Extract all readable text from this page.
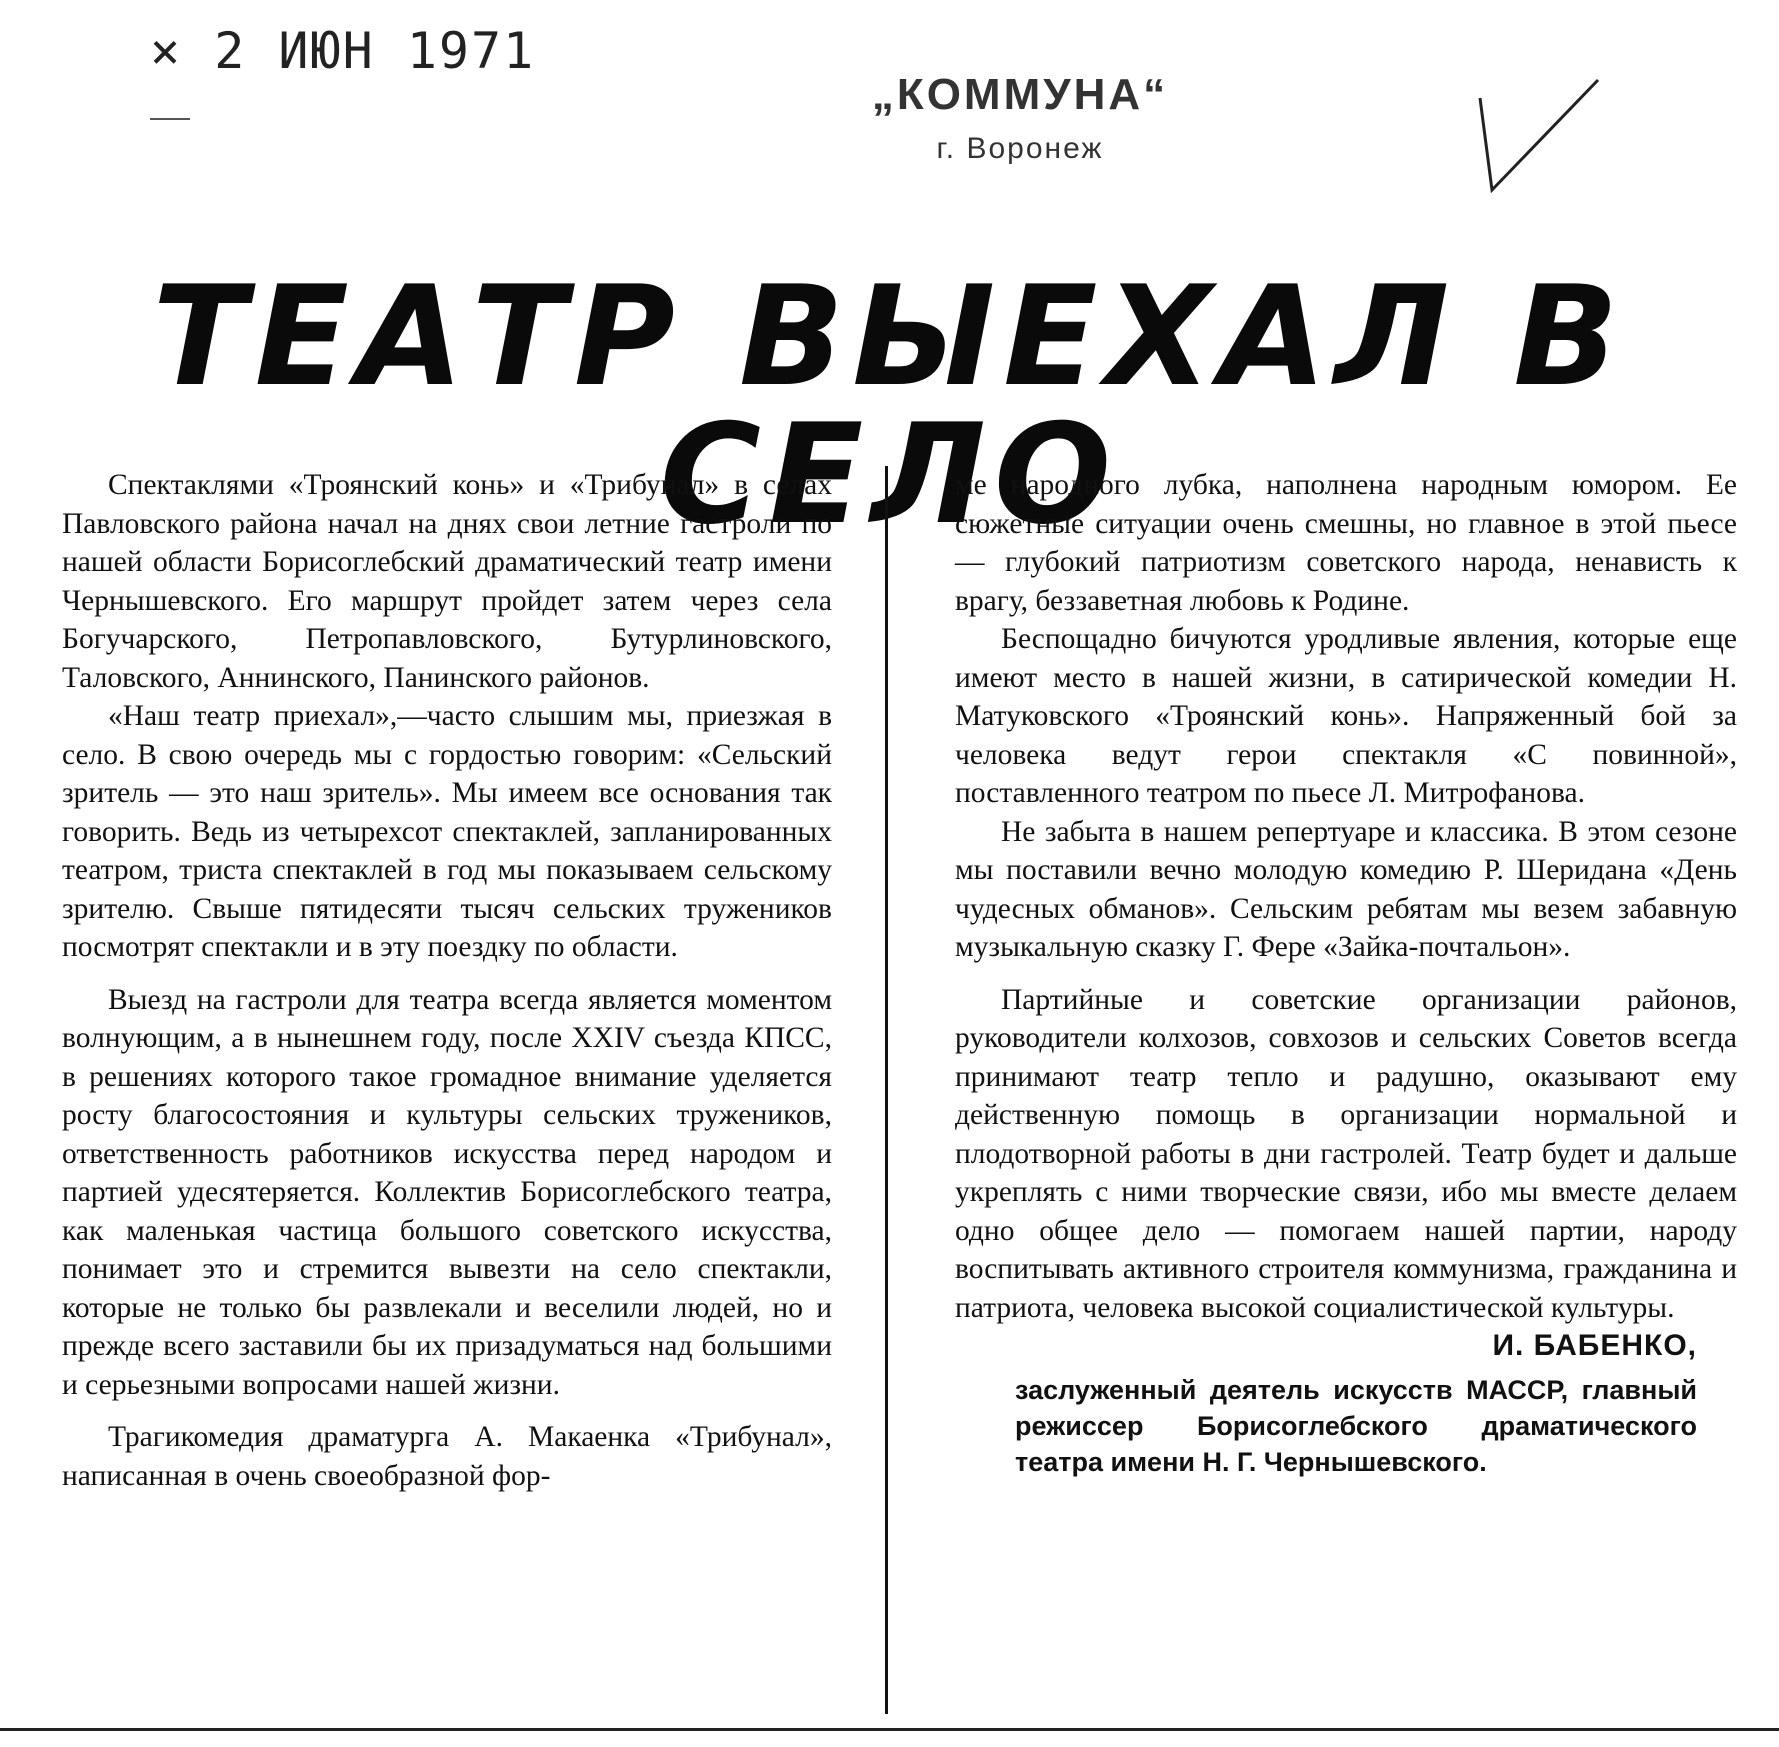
× 2 ИЮН 1971
„КОММУНА“
г. Воронеж
ТЕАТР ВЫЕХАЛ В СЕЛО

Спектаклями «Троянский конь» и «Трибунал» в селах Павловского района начал на днях свои летние гастроли по нашей области Борисоглебский драматический театр имени Чернышевского. Его маршрут пройдет затем через села Богучарского, Петропавловского, Бутурлиновского, Таловского, Аннинского, Панинского районов.

«Наш театр приехал»,—часто слышим мы, приезжая в село. В свою очередь мы с гордостью говорим: «Сельский зритель — это наш зритель». Мы имеем все основания так говорить. Ведь из четырехсот спектаклей, запланированных театром, триста спектаклей в год мы показываем сельскому зрителю. Свыше пятидесяти тысяч сельских тружеников посмотрят спектакли и в эту поездку по области.

Выезд на гастроли для театра всегда является моментом волнующим, а в нынешнем году, после XXIV съезда КПСС, в решениях которого такое громадное внимание уделяется росту благосостояния и культуры сельских тружеников, ответственность работников искусства перед народом и партией удесятеряется. Коллектив Борисоглебского театра, как маленькая частица большого советского искусства, понимает это и стремится вывезти на село спектакли, которые не только бы развлекали и веселили людей, но и прежде всего заставили бы их призадуматься над большими и серьезными вопросами нашей жизни.

Трагикомедия драматурга А. Макаенка «Трибунал», написанная в очень своеобразной фор-

ме народного лубка, наполнена народным юмором. Ее сюжетные ситуации очень смешны, но главное в этой пьесе — глубокий патриотизм советского народа, ненависть к врагу, беззаветная любовь к Родине.

Беспощадно бичуются уродливые явления, которые еще имеют место в нашей жизни, в сатирической комедии Н. Матуковского «Троянский конь». Напряженный бой за человека ведут герои спектакля «С повинной», поставленного театром по пьесе Л. Митрофанова.

Не забыта в нашем репертуаре и классика. В этом сезоне мы поставили вечно молодую комедию Р. Шеридана «День чудесных обманов». Сельским ребятам мы везем забавную музыкальную сказку Г. Фере «Зайка-почтальон».

Партийные и советские организации районов, руководители колхозов, совхозов и сельских Советов всегда принимают театр тепло и радушно, оказывают ему действенную помощь в организации нормальной и плодотворной работы в дни гастролей. Театр будет и дальше укреплять с ними творческие связи, ибо мы вместе делаем одно общее дело — помогаем нашей партии, народу воспитывать активного строителя коммунизма, гражданина и патриота, человека высокой социалистической культуры.

И. БАБЕНКО,
заслуженный деятель искусств МАССР, главный режиссер Борисоглебского драматического театра имени Н. Г. Чернышевского.
